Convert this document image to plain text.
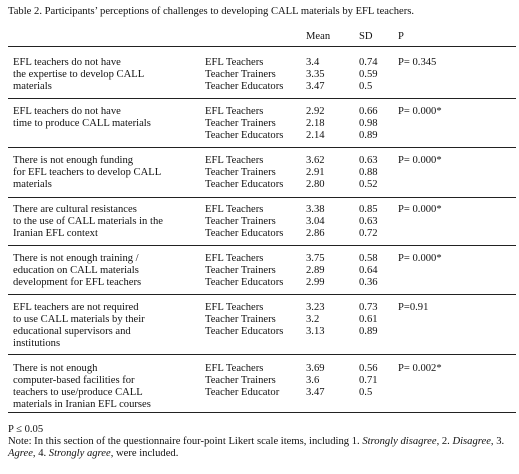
Table 2. Participants’ perceptions of challenges to developing CALL materials by EFL teachers.
Mean	SD P
EFL teachers do not have
the expertise to develop CALL
materials
EFL Teachers
Teacher Trainers
Teacher Educators
3.4
3.35
3.47
0.74
0.59
0.5
P= 0.345
EFL teachers do not have
time to produce CALL materials
EFL Teachers
Teacher Trainers
Teacher Educators
2.92
2.18
2.14
0.66
0.98
0.89
P= 0.000*
There is not enough funding
for EFL teachers to develop CALL
materials
EFL Teachers
Teacher Trainers
Teacher Educators
3.62
2.91
2.80
0.63
0.88
0.52
P= 0.000*
There are cultural resistances
to the use of CALL materials in the
Iranian EFL context
EFL Teachers
Teacher Trainers
Teacher Educators
3.38
3.04
2.86
0.85
0.63
0.72
P= 0.000*
There is not enough training /
education on CALL materials
development for EFL teachers
EFL Teachers
Teacher Trainers
Teacher Educators
3.75
2.89
2.99
0.58
0.64
0.36
P= 0.000*
EFL teachers are not required
to use CALL materials by their
educational supervisors and
institutions
EFL Teachers
Teacher Trainers
Teacher Educators
3.23
3.2
3.13
0.73
0.61
0.89
P=0.91
There is not enough
computer-based facilities for
teachers to use/produce CALL
materials in Iranian EFL courses
EFL Teachers
Teacher Trainers
Teacher Educator
3.69
3.6
3.47
0.56
0.71
0.5
P= 0.002*
P ≤ 0.05
Note: In this section of the questionnaire four-point Likert scale items, including 1. Strongly disagree, 2. Disagree, 3.
Agree, 4. Strongly agree, were included.
